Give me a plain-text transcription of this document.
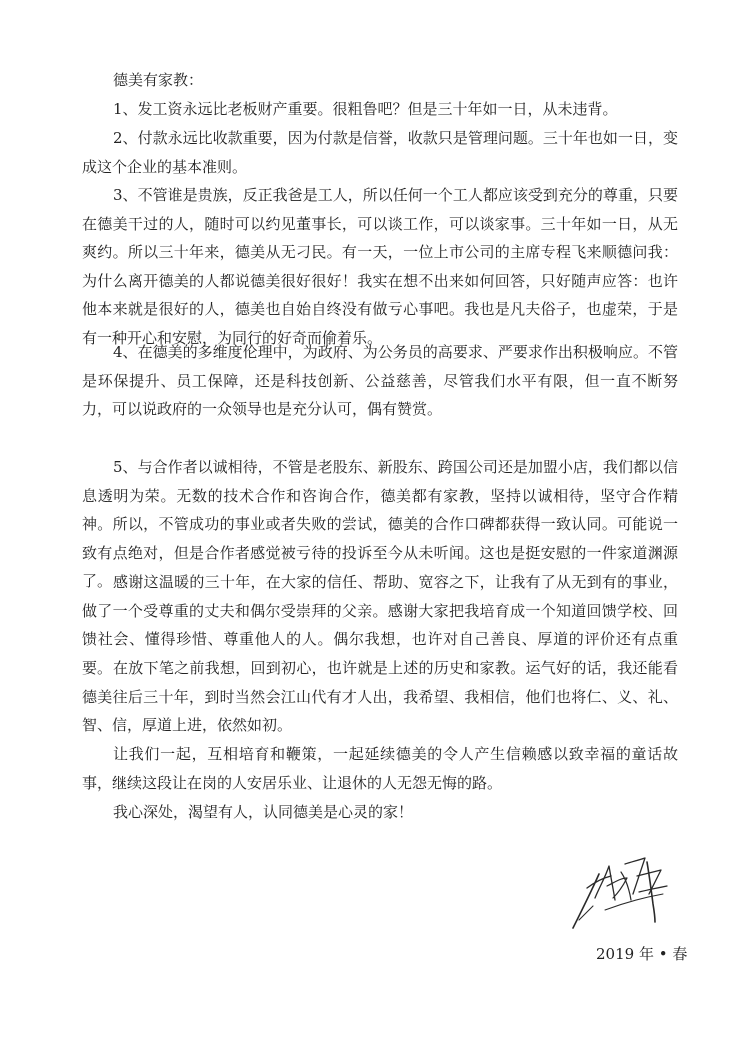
德美有家教：

1、发工资永远比老板财产重要。很粗鲁吧？但是三十年如一日，从未违背。

2、付款永远比收款重要，因为付款是信誉，收款只是管理问题。三十年也如一日，变成这个企业的基本准则。

3、不管谁是贵族，反正我爸是工人，所以任何一个工人都应该受到充分的尊重，只要在德美干过的人，随时可以约见董事长，可以谈工作，可以谈家事。三十年如一日，从无爽约。所以三十年来，德美从无刁民。有一天，一位上市公司的主席专程飞来顺德问我：为什么离开德美的人都说德美很好很好！我实在想不出来如何回答，只好随声应答：也许他本来就是很好的人，德美也自始自终没有做亏心事吧。我也是凡夫俗子，也虚荣，于是有一种开心和安慰，为同行的好奇而偷着乐。

4、在德美的多维度伦理中，为政府、为公务员的高要求、严要求作出积极响应。不管是环保提升、员工保障，还是科技创新、公益慈善，尽管我们水平有限，但一直不断努力，可以说政府的一众领导也是充分认可，偶有赞赏。

5、与合作者以诚相待，不管是老股东、新股东、跨国公司还是加盟小店，我们都以信息透明为荣。无数的技术合作和咨询合作，德美都有家教，坚持以诚相待，坚守合作精神。所以，不管成功的事业或者失败的尝试，德美的合作口碑都获得一致认同。可能说一致有点绝对，但是合作者感觉被亏待的投诉至今从未听闻。这也是挺安慰的一件家道渊源了。 感谢这温暖的三十年，在大家的信任、帮助、宽容之下，让我有了从无到有的事业，做了一个受尊重的丈夫和偶尔受崇拜的父亲。感谢大家把我培育成一个知道回馈学校、回馈社会、懂得珍惜、尊重他人的人。偶尔我想，也许对自己善良、厚道的评价还有点重要。 在放下笔之前我想，回到初心，也许就是上述的历史和家教。运气好的话，我还能看德美往后三十年，到时当然会江山代有才人出，我希望、我相信，他们也将仁、义、礼、智、信，厚道上进，依然如初。

让我们一起，互相培育和鞭策，一起延续德美的令人产生信赖感以致幸福的童话故事，继续这段让在岗的人安居乐业、让退休的人无怨无悔的路。

我心深处，渴望有人，认同德美是心灵的家！

2019 年 • 春
